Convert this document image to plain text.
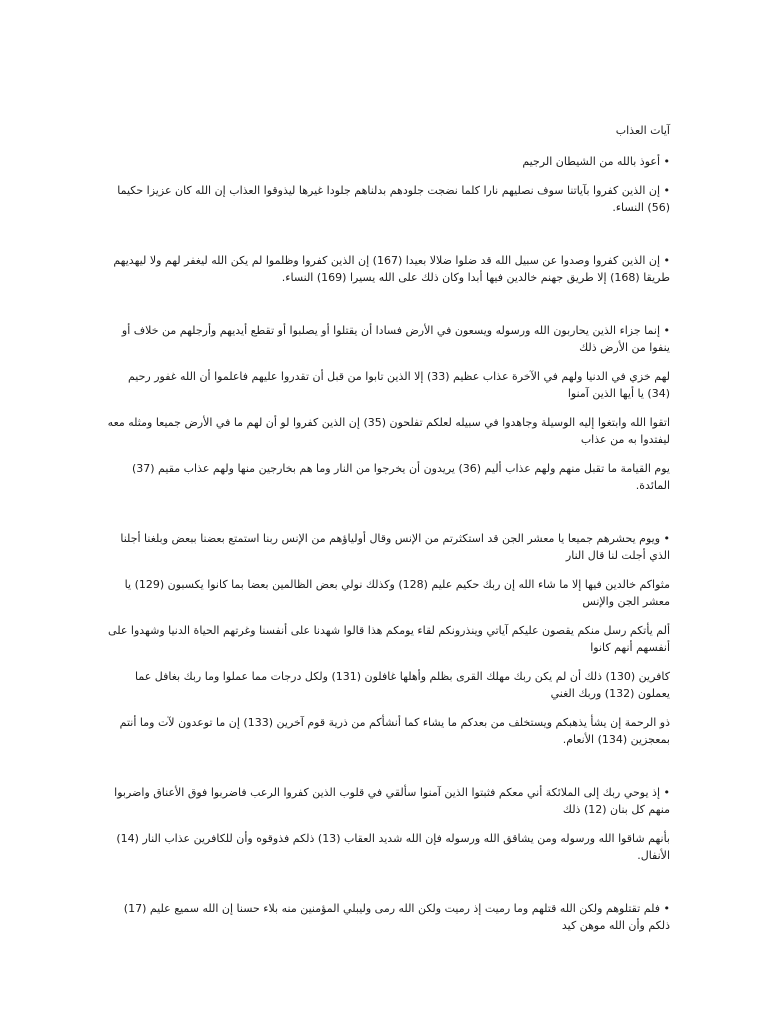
آيات العذاب

• أعوذ بالله من الشيطان الرجيم

• إن الذين كفروا بآياتنا سوف نصليهم نارا كلما نضجت جلودهم بدلناهم جلودا غيرها ليذوقوا العذاب إن الله كان عزيزا حكيما (56) النساء.

• إن الذين كفروا وصدوا عن سبيل الله قد ضلوا ضلالا بعيدا (167) إن الذين كفروا وظلموا لم يكن الله ليغفر لهم ولا ليهديهم طريقا (168) إلا طريق جهنم خالدين فيها أبدا وكان ذلك على الله يسيرا (169) النساء.

• إنما جزاء الذين يحاربون الله ورسوله ويسعون في الأرض فسادا أن يقتلوا أو يصلبوا أو تقطع أيديهم وأرجلهم من خلاف أو ينفوا من الأرض ذلك

لهم خزي في الدنيا ولهم في الآخرة عذاب عظيم (33) إلا الذين تابوا من قبل أن تقدروا عليهم فاعلموا أن الله غفور رحيم (34) يا أيها الذين آمنوا

اتقوا الله وابتغوا إليه الوسيلة وجاهدوا في سبيله لعلكم تفلحون (35) إن الذين كفروا لو أن لهم ما في الأرض جميعا ومثله معه ليفتدوا به من عذاب

يوم القيامة ما تقبل منهم ولهم عذاب أليم (36) يريدون أن يخرجوا من النار وما هم بخارجين منها ولهم عذاب مقيم (37) المائدة.

• ويوم يحشرهم جميعا يا معشر الجن قد استكثرتم من الإنس وقال أولياؤهم من الإنس ربنا استمتع بعضنا ببعض وبلغنا أجلنا الذي أجلت لنا قال النار

مثواكم خالدين فيها إلا ما شاء الله إن ربك حكيم عليم (128) وكذلك نولي بعض الظالمين بعضا بما كانوا يكسبون (129) يا معشر الجن والإنس

ألم يأتكم رسل منكم يقصون عليكم آياتي وينذرونكم لقاء يومكم هذا قالوا شهدنا على أنفسنا وغرتهم الحياة الدنيا وشهدوا على أنفسهم أنهم كانوا

كافرين (130) ذلك أن لم يكن ربك مهلك القرى بظلم وأهلها غافلون (131) ولكل درجات مما عملوا وما ربك بغافل عما يعملون (132) وربك الغني

ذو الرحمة إن يشأ يذهبكم ويستخلف من بعدكم ما يشاء كما أنشأكم من ذرية قوم آخرين (133) إن ما توعدون لآت وما أنتم بمعجزين (134) الأنعام.

• إذ يوحي ربك إلى الملائكة أني معكم فثبتوا الذين آمنوا سألقي في قلوب الذين كفروا الرعب فاضربوا فوق الأعناق واضربوا منهم كل بنان (12) ذلك

بأنهم شاقوا الله ورسوله ومن يشاقق الله ورسوله فإن الله شديد العقاب (13) ذلكم فذوقوه وأن للكافرين عذاب النار (14) الأنفال.

• فلم تقتلوهم ولكن الله قتلهم وما رميت إذ رميت ولكن الله رمى وليبلي المؤمنين منه بلاء حسنا إن الله سميع عليم (17) ذلكم وأن الله موهن كيد
